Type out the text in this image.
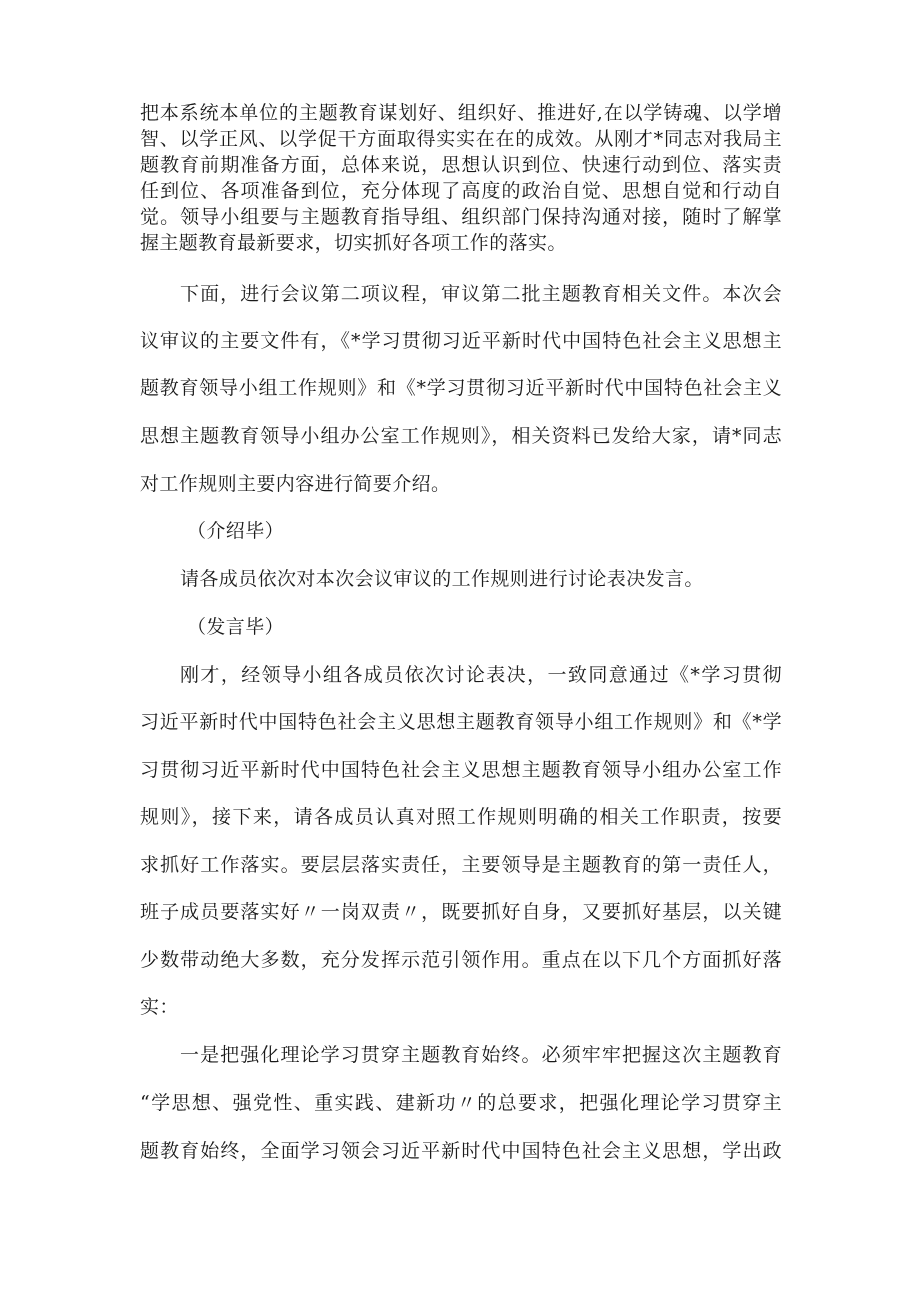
把本系统本单位的主题教育谋划好、组织好、推进好,在以学铸魂、以学增
智、以学正风、以学促干方面取得实实在在的成效。从刚才*同志对我局主
题教育前期准备方面，总体来说，思想认识到位、快速行动到位、落实责
任到位、各项准备到位，充分体现了高度的政治自觉、思想自觉和行动自
觉。领导小组要与主题教育指导组、组织部门保持沟通对接，随时了解掌
握主题教育最新要求，切实抓好各项工作的落实。
下面，进行会议第二项议程，审议第二批主题教育相关文件。本次会
议审议的主要文件有，《*学习贯彻习近平新时代中国特色社会主义思想主
题教育领导小组工作规则》和《*学习贯彻习近平新时代中国特色社会主义
思想主题教育领导小组办公室工作规则》，相关资料已发给大家，请*同志
对工作规则主要内容进行简要介绍。
（介绍毕）
请各成员依次对本次会议审议的工作规则进行讨论表决发言。
（发言毕）
刚才，经领导小组各成员依次讨论表决，一致同意通过《*学习贯彻
习近平新时代中国特色社会主义思想主题教育领导小组工作规则》和《*学
习贯彻习近平新时代中国特色社会主义思想主题教育领导小组办公室工作
规则》，接下来，请各成员认真对照工作规则明确的相关工作职责，按要
求抓好工作落实。要层层落实责任，主要领导是主题教育的第一责任人，
班子成员要落实好〃一岗双责〃，既要抓好自身，又要抓好基层，以关键
少数带动绝大多数，充分发挥示范引领作用。重点在以下几个方面抓好落
实：
一是把强化理论学习贯穿主题教育始终。必须牢牢把握这次主题教育
“学思想、强党性、重实践、建新功〃的总要求，把强化理论学习贯穿主
题教育始终，全面学习领会习近平新时代中国特色社会主义思想，学出政
